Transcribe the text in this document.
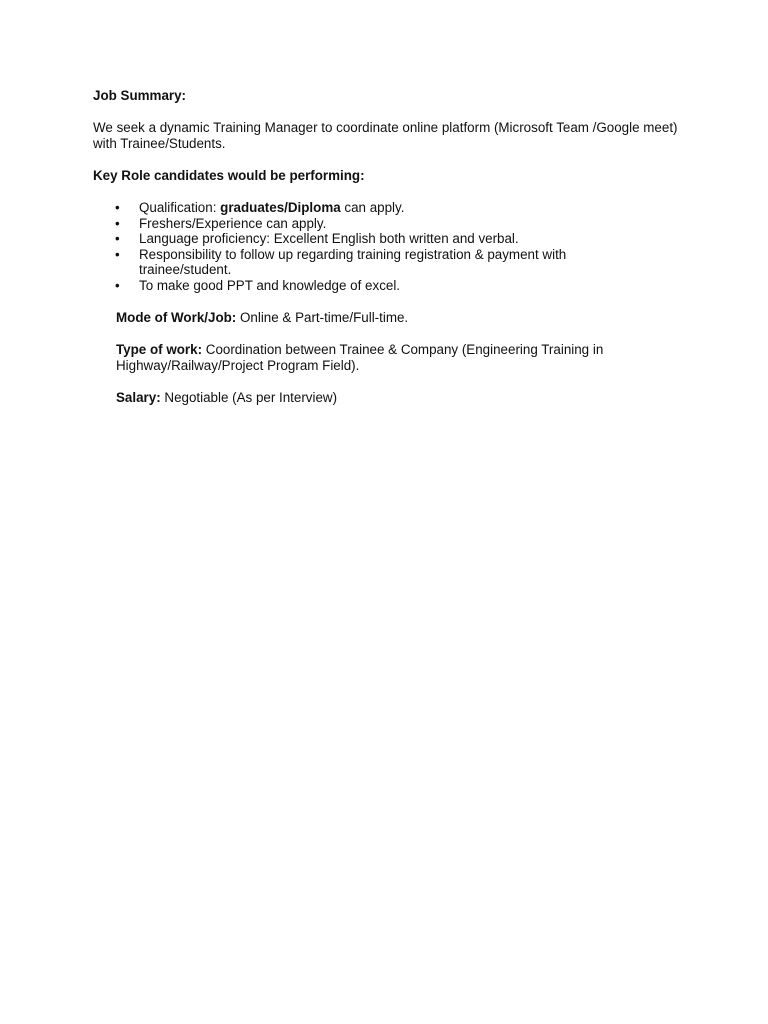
Job Summary:
We seek a dynamic Training Manager to coordinate online platform (Microsoft Team /Google meet) with Trainee/Students.
Key Role candidates would be performing:
• Qualification: graduates/Diploma can apply.
• Freshers/Experience can apply.
• Language proficiency: Excellent English both written and verbal.
• Responsibility to follow up regarding training registration & payment with trainee/student.
• To make good PPT and knowledge of excel.
Mode of Work/Job: Online & Part-time/Full-time.
Type of work: Coordination between Trainee & Company (Engineering Training in Highway/Railway/Project Program Field).
Salary: Negotiable (As per Interview)
